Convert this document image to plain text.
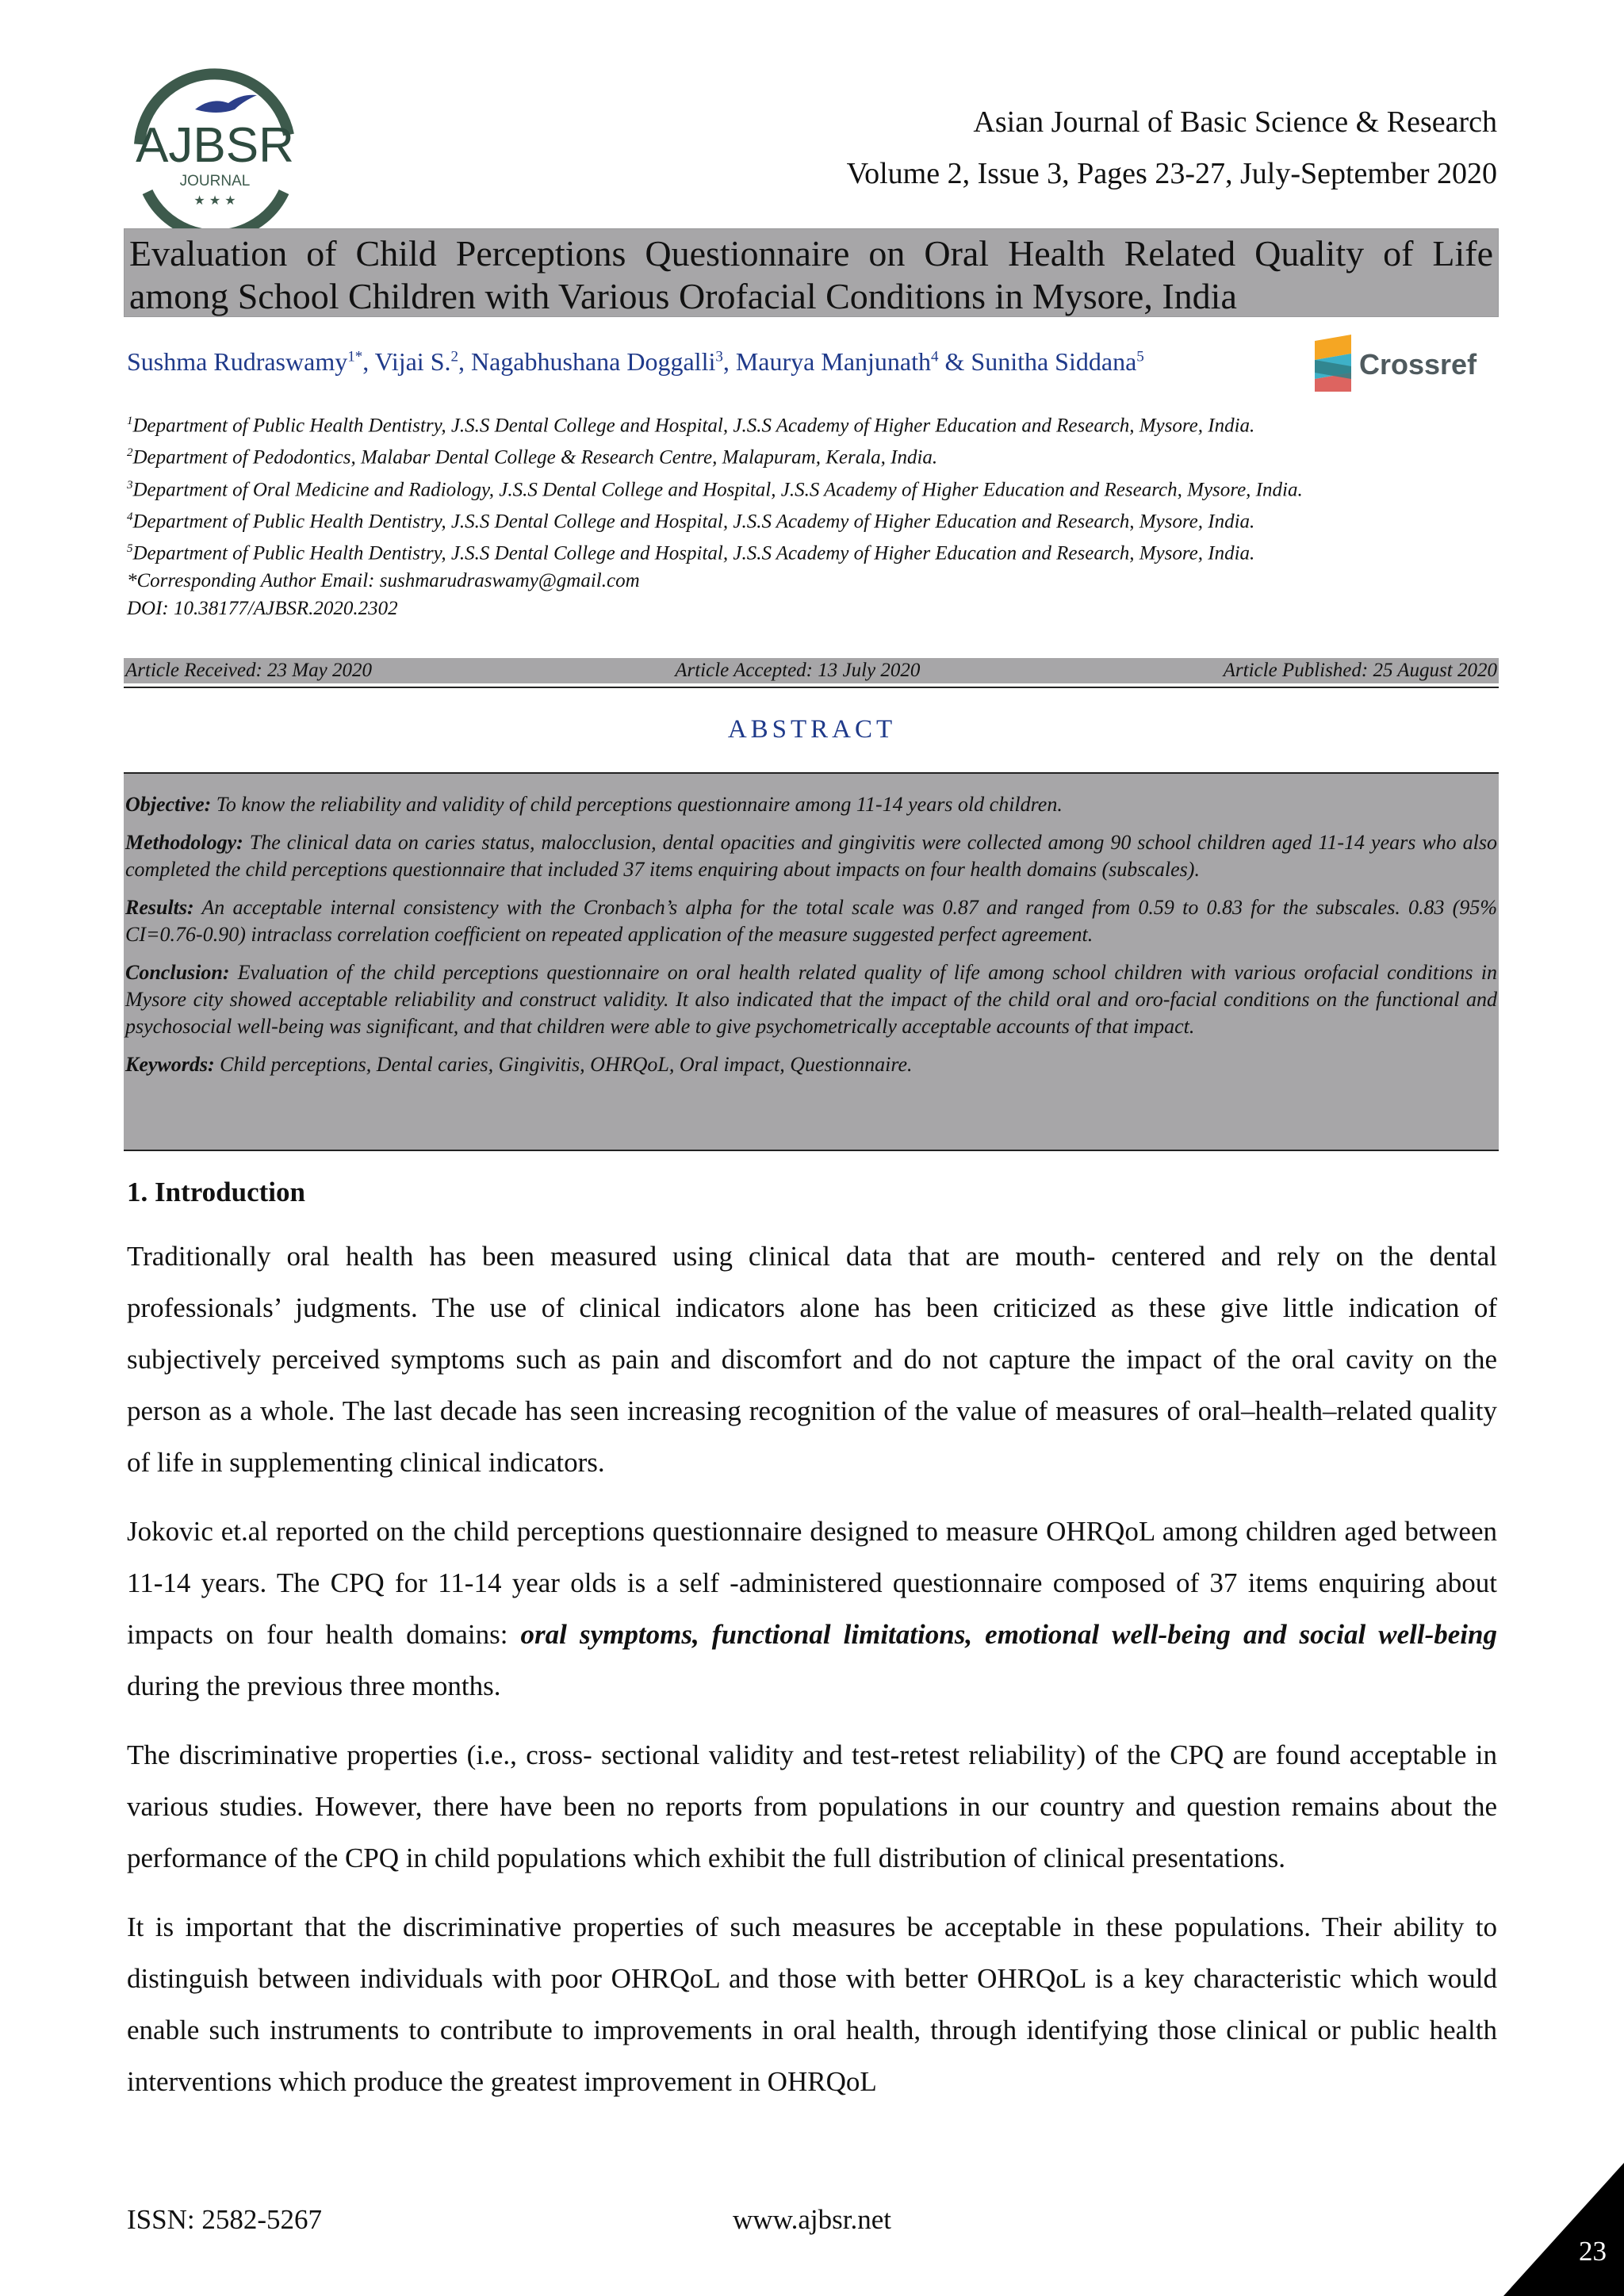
AJBSR
JOURNAL
★ ★ ★
Asian Journal of Basic Science & Research
Volume 2, Issue 3, Pages 23-27, July-September 2020
Evaluation of Child Perceptions Questionnaire on Oral Health Related Quality of Life
among School Children with Various Orofacial Conditions in Mysore, India
Sushma Rudraswamy$^{1*}$, Vijai S.$^2$, Nagabhushana Doggalli$^3$, Maurya Manjunath$^4$ & Sunitha Siddana$^5$	Crossref
$^1$Department of Public Health Dentistry, J.S.S Dental College and Hospital, J.S.S Academy of Higher Education and Research, Mysore, India.
$^2$Department of Pedodontics, Malabar Dental College & Research Centre, Malapuram, Kerala, India.
$^3$Department of Oral Medicine and Radiology, J.S.S Dental College and Hospital, J.S.S Academy of Higher Education and Research, Mysore, India.
$^4$Department of Public Health Dentistry, J.S.S Dental College and Hospital, J.S.S Academy of Higher Education and Research, Mysore, India.
$^5$Department of Public Health Dentistry, J.S.S Dental College and Hospital, J.S.S Academy of Higher Education and Research, Mysore, India.
*Corresponding Author Email: sushmarudraswamy@gmail.com
DOI: 10.38177/AJBSR.2020.2302
Article Received: 23 May 2020	Article Accepted: 13 July 2020	Article Published: 25 August 2020
ABSTRACT

Objective: To know the reliability and validity of child perceptions questionnaire among 11-14 years old children.

Methodology: The clinical data on caries status, malocclusion, dental opacities and gingivitis were collected among 90 school children aged 11-14 years who also completed the child perceptions questionnaire that included 37 items enquiring about impacts on four health domains (subscales).

Results: An acceptable internal consistency with the Cronbach’s alpha for the total scale was 0.87 and ranged from 0.59 to 0.83 for the subscales. 0.83 (95% CI=0.76-0.90) intraclass correlation coefficient on repeated application of the measure suggested perfect agreement.

Conclusion: Evaluation of the child perceptions questionnaire on oral health related quality of life among school children with various orofacial conditions in Mysore city showed acceptable reliability and construct validity. It also indicated that the impact of the child oral and oro-facial conditions on the functional and psychosocial well-being was significant, and that children were able to give psychometrically acceptable accounts of that impact.

Keywords: Child perceptions, Dental caries, Gingivitis, OHRQoL, Oral impact, Questionnaire.

1. Introduction

Traditionally oral health has been measured using clinical data that are mouth- centered and rely on the dental professionals’ judgments. The use of clinical indicators alone has been criticized as these give little indication of subjectively perceived symptoms such as pain and discomfort and do not capture the impact of the oral cavity on the person as a whole. The last decade has seen increasing recognition of the value of measures of oral–health–related quality of life in supplementing clinical indicators.

Jokovic et.al reported on the child perceptions questionnaire designed to measure OHRQoL among children aged between 11-14 years. The CPQ for 11-14 year olds is a self -administered questionnaire composed of 37 items enquiring about impacts on four health domains: oral symptoms, functional limitations, emotional well-being and social well-being during the previous three months.

The discriminative properties (i.e., cross- sectional validity and test-retest reliability) of the CPQ are found acceptable in various studies. However, there have been no reports from populations in our country and question remains about the performance of the CPQ in child populations which exhibit the full distribution of clinical presentations.

It is important that the discriminative properties of such measures be acceptable in these populations. Their ability to distinguish between individuals with poor OHRQoL and those with better OHRQoL is a key characteristic which would enable such instruments to contribute to improvements in oral health, through identifying those clinical or public health interventions which produce the greatest improvement in OHRQoL

ISSN: 2582-5267	www.ajbsr.net
23
